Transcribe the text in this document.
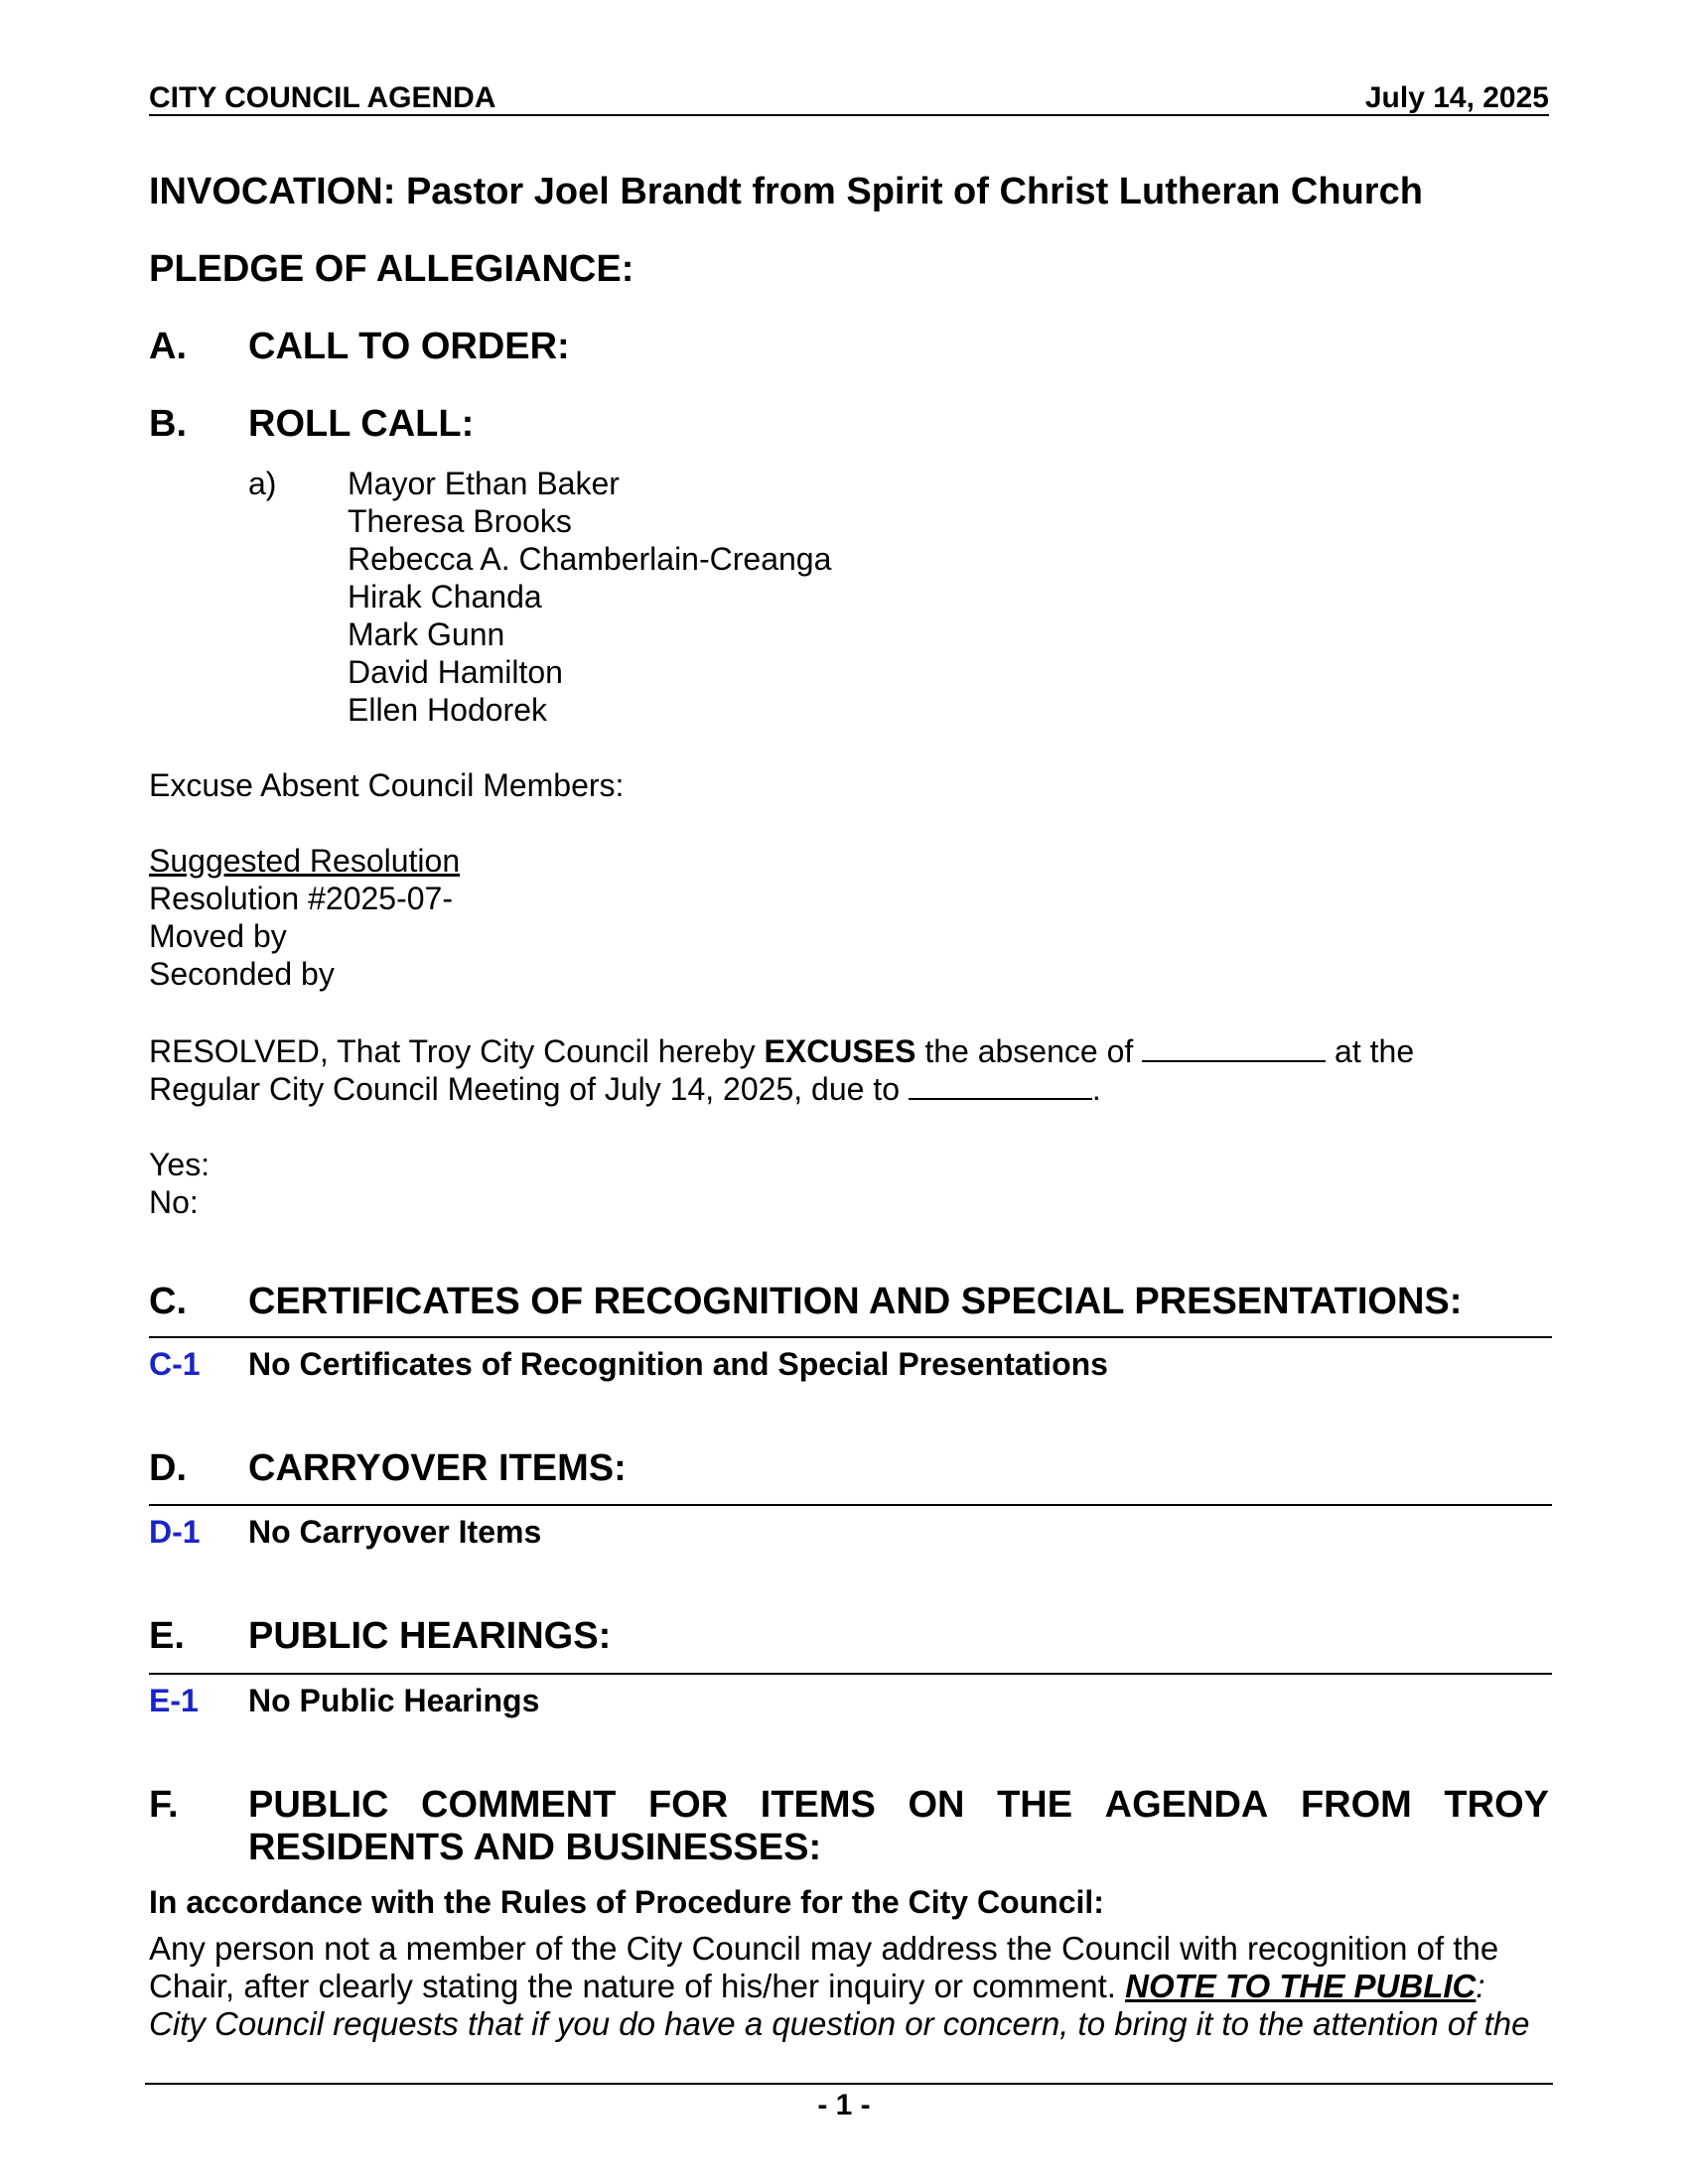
CITY COUNCIL AGENDA	July 14, 2025
INVOCATION: Pastor Joel Brandt from Spirit of Christ Lutheran Church
PLEDGE OF ALLEGIANCE:
A. CALL TO ORDER:
B. ROLL CALL:
a) Mayor Ethan Baker
Theresa Brooks
Rebecca A. Chamberlain-Creanga
Hirak Chanda
Mark Gunn
David Hamilton
Ellen Hodorek
Excuse Absent Council Members:
Suggested Resolution
Resolution #2025-07-
Moved by
Seconded by
RESOLVED, That Troy City Council hereby EXCUSES the absence of	at the
Regular City Council Meeting of July 14, 2025, due to	.
Yes:
No:
C. CERTIFICATES OF RECOGNITION AND SPECIAL PRESENTATIONS:
C-1 No Certificates of Recognition and Special Presentations
D. CARRYOVER ITEMS:
D-1 No Carryover Items
E. PUBLIC HEARINGS:
E-1 No Public Hearings
F. PUBLIC COMMENT FOR ITEMS ON THE AGENDA FROM TROY
RESIDENTS AND BUSINESSES:
In accordance with the Rules of Procedure for the City Council:
Any person not a member of the City Council may address the Council with recognition of the
Chair, after clearly stating the nature of his/her inquiry or comment. NOTE TO THE PUBLIC:
City Council requests that if you do have a question or concern, to bring it to the attention of the
- 1 -
